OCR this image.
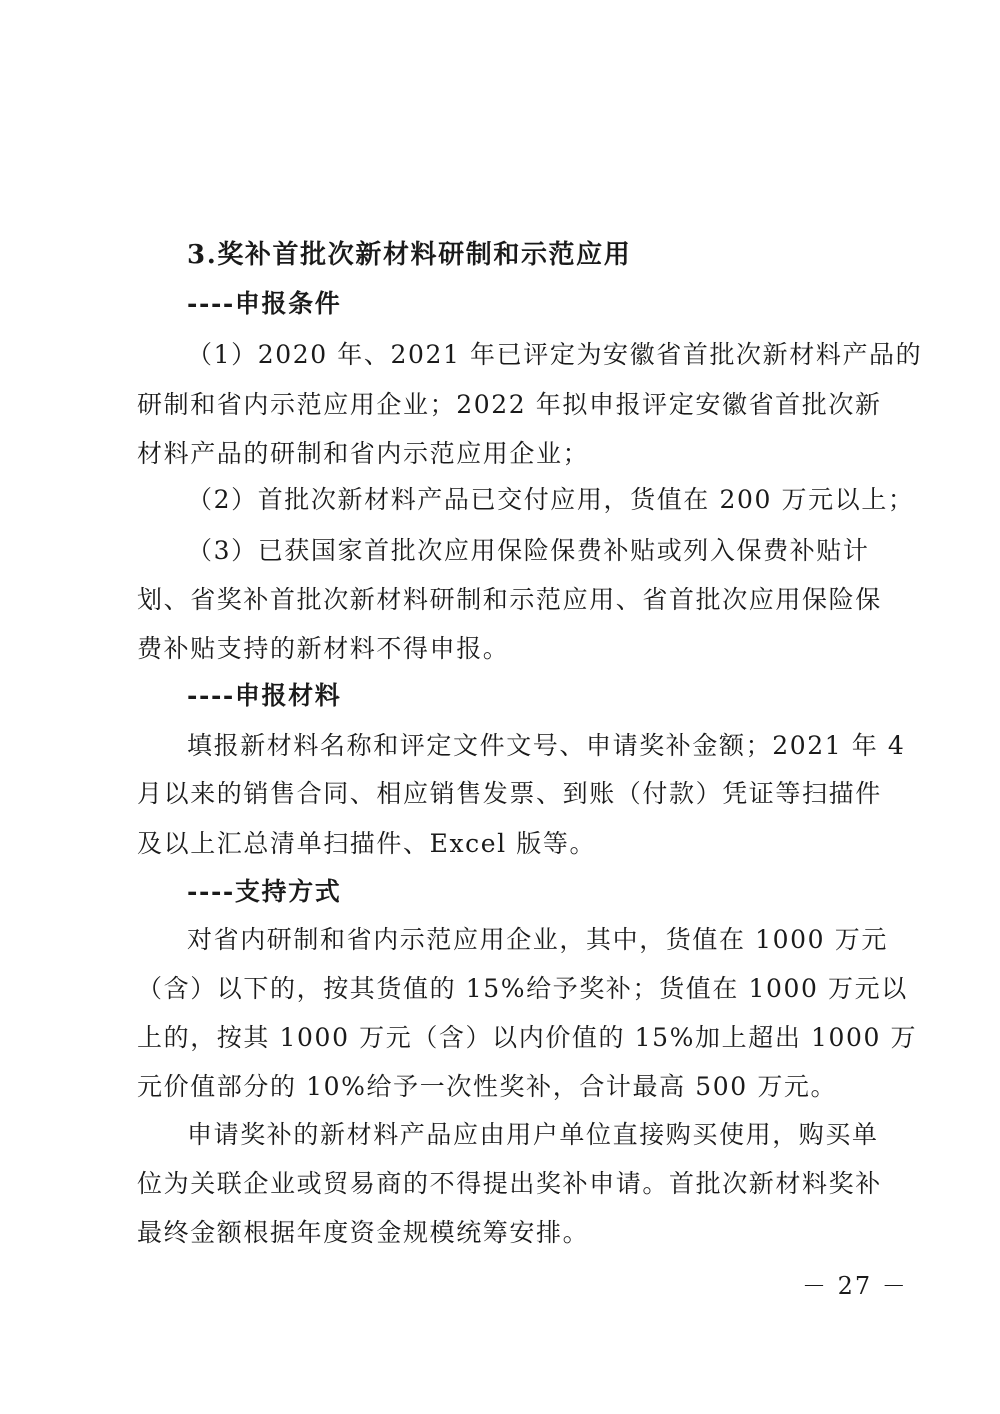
3.奖补首批次新材料研制和示范应用
----申报条件
（1）2020 年、2021 年已评定为安徽省首批次新材料产品的
研制和省内示范应用企业；2022 年拟申报评定安徽省首批次新
材料产品的研制和省内示范应用企业；
（2）首批次新材料产品已交付应用，货值在 200 万元以上；
（3）已获国家首批次应用保险保费补贴或列入保费补贴计
划、省奖补首批次新材料研制和示范应用、省首批次应用保险保
费补贴支持的新材料不得申报。
----申报材料
填报新材料名称和评定文件文号、申请奖补金额；2021 年 4
月以来的销售合同、相应销售发票、到账（付款）凭证等扫描件
及以上汇总清单扫描件、Excel 版等。
----支持方式
对省内研制和省内示范应用企业，其中，货值在 1000 万元
（含）以下的，按其货值的 15%给予奖补；货值在 1000 万元以
上的，按其 1000 万元（含）以内价值的 15%加上超出 1000 万
元价值部分的 10%给予一次性奖补，合计最高 500 万元。
申请奖补的新材料产品应由用户单位直接购买使用，购买单
位为关联企业或贸易商的不得提出奖补申请。首批次新材料奖补
最终金额根据年度资金规模统筹安排。
－ 27 －
